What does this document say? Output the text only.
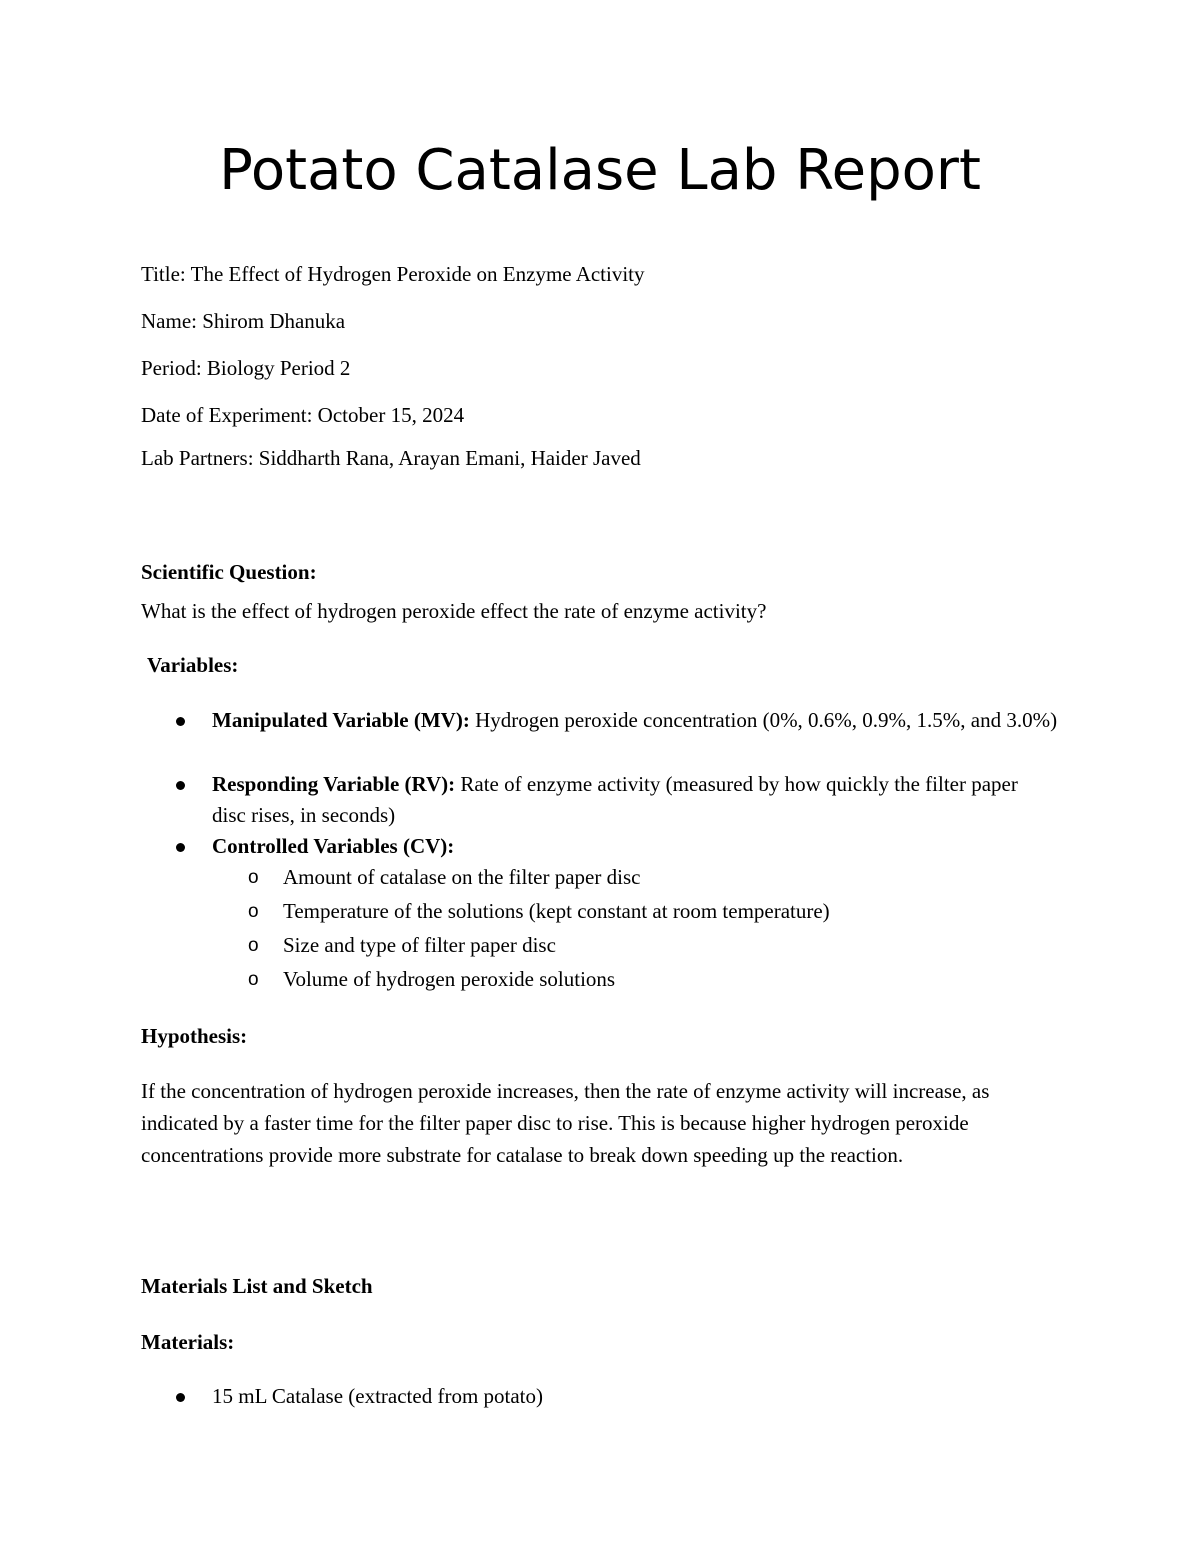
Potato Catalase Lab Report

Title: The Effect of Hydrogen Peroxide on Enzyme Activity

Name: Shirom Dhanuka

Period: Biology Period 2

Date of Experiment: October 15, 2024

Lab Partners: Siddharth Rana, Arayan Emani, Haider Javed

Scientific Question:

What is the effect of hydrogen peroxide effect the rate of enzyme activity?

Variables:

Manipulated Variable (MV): Hydrogen peroxide concentration (0%, 0.6%, 0.9%, 1.5%, and 3.0%)
Responding Variable (RV): Rate of enzyme activity (measured by how quickly the filter paper disc rises, in seconds)
Controlled Variables (CV):
o Amount of catalase on the filter paper disc
o Temperature of the solutions (kept constant at room temperature)
o Size and type of filter paper disc
o Volume of hydrogen peroxide solutions

Hypothesis:

If the concentration of hydrogen peroxide increases, then the rate of enzyme activity will increase, as indicated by a faster time for the filter paper disc to rise. This is because higher hydrogen peroxide concentrations provide more substrate for catalase to break down speeding up the reaction.

Materials List and Sketch

Materials:

15 mL Catalase (extracted from potato)
